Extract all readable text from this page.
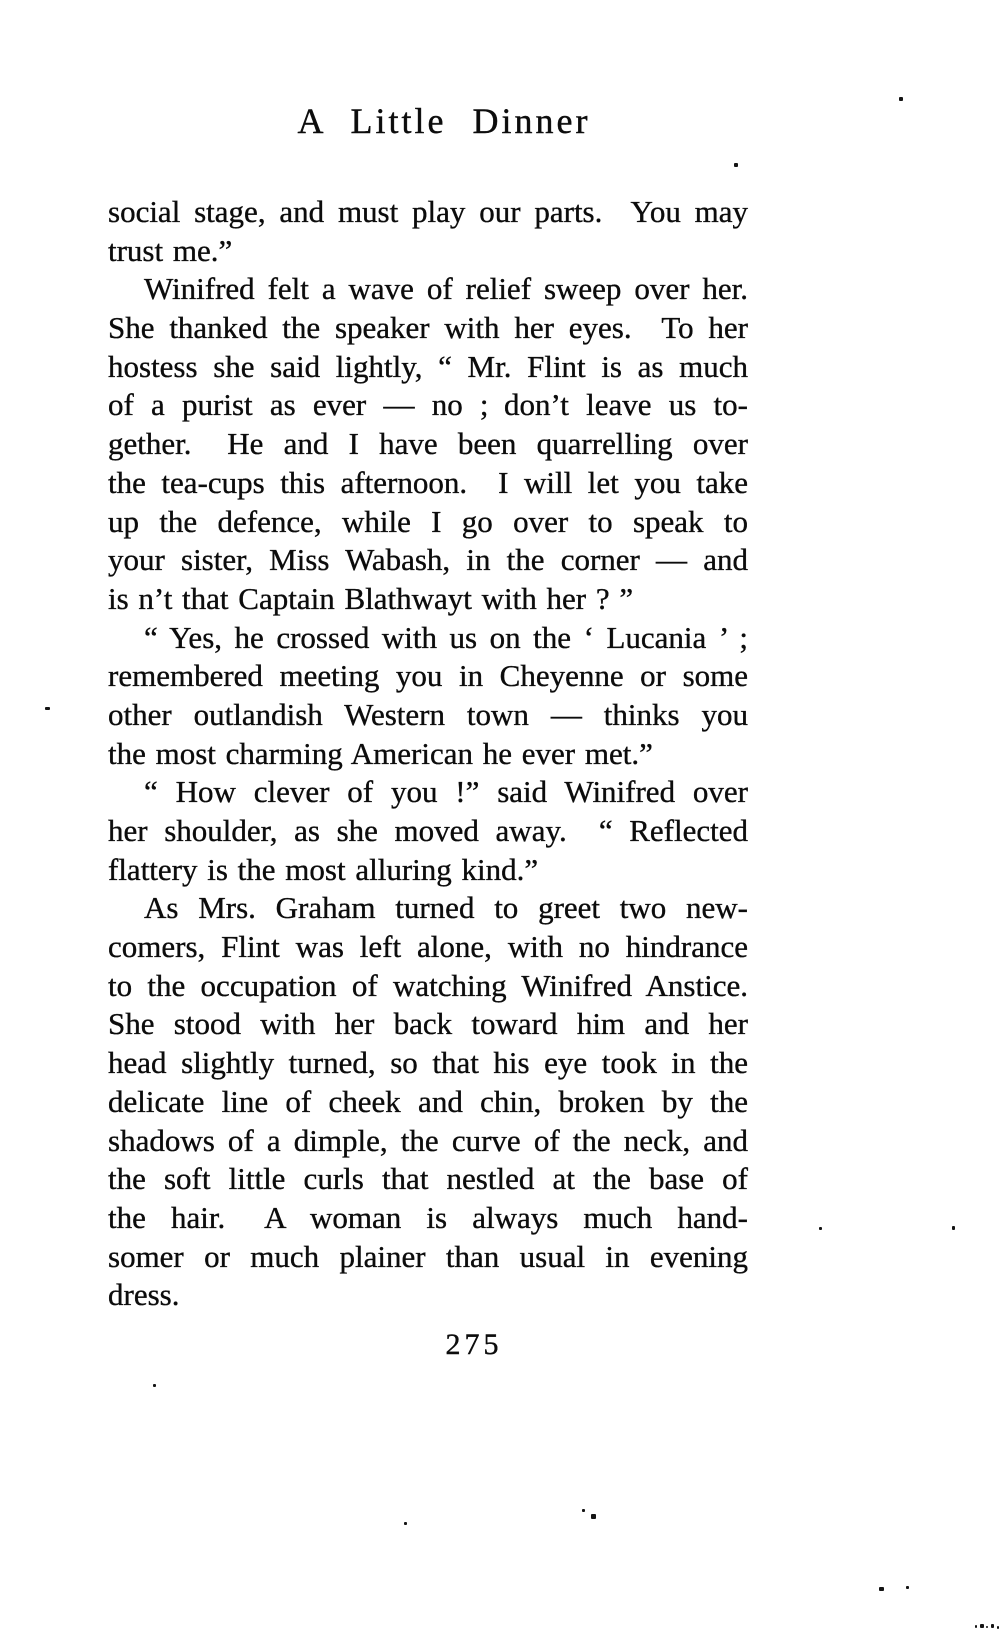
A Little Dinner
social stage, and must play our parts.  You may
trust me.”
Winifred felt a wave of relief sweep over her.
She thanked the speaker with her eyes.  To her
hostess she said lightly, “ Mr. Flint is as much
of a purist as ever — no ; don’t leave us to-
gether.  He and I have been quarrelling over
the tea-cups this afternoon.  I will let you take
up the defence, while I go over to speak to
your sister, Miss Wabash, in the corner — and
is n’t that Captain Blathwayt with her ? ”
“ Yes, he crossed with us on the ‘ Lucania ’ ;
remembered meeting you in Cheyenne or some
other outlandish Western town — thinks you
the most charming American he ever met.”
“ How clever of you !” said Winifred over
her shoulder, as she moved away.  “ Reflected
flattery is the most alluring kind.”
As Mrs. Graham turned to greet two new-
comers, Flint was left alone, with no hindrance
to the occupation of watching Winifred Anstice.
She stood with her back toward him and her
head slightly turned, so that his eye took in the
delicate line of cheek and chin, broken by the
shadows of a dimple, the curve of the neck, and
the soft little curls that nestled at the base of
the hair.  A woman is always much hand-
somer or much plainer than usual in evening
dress.
275
